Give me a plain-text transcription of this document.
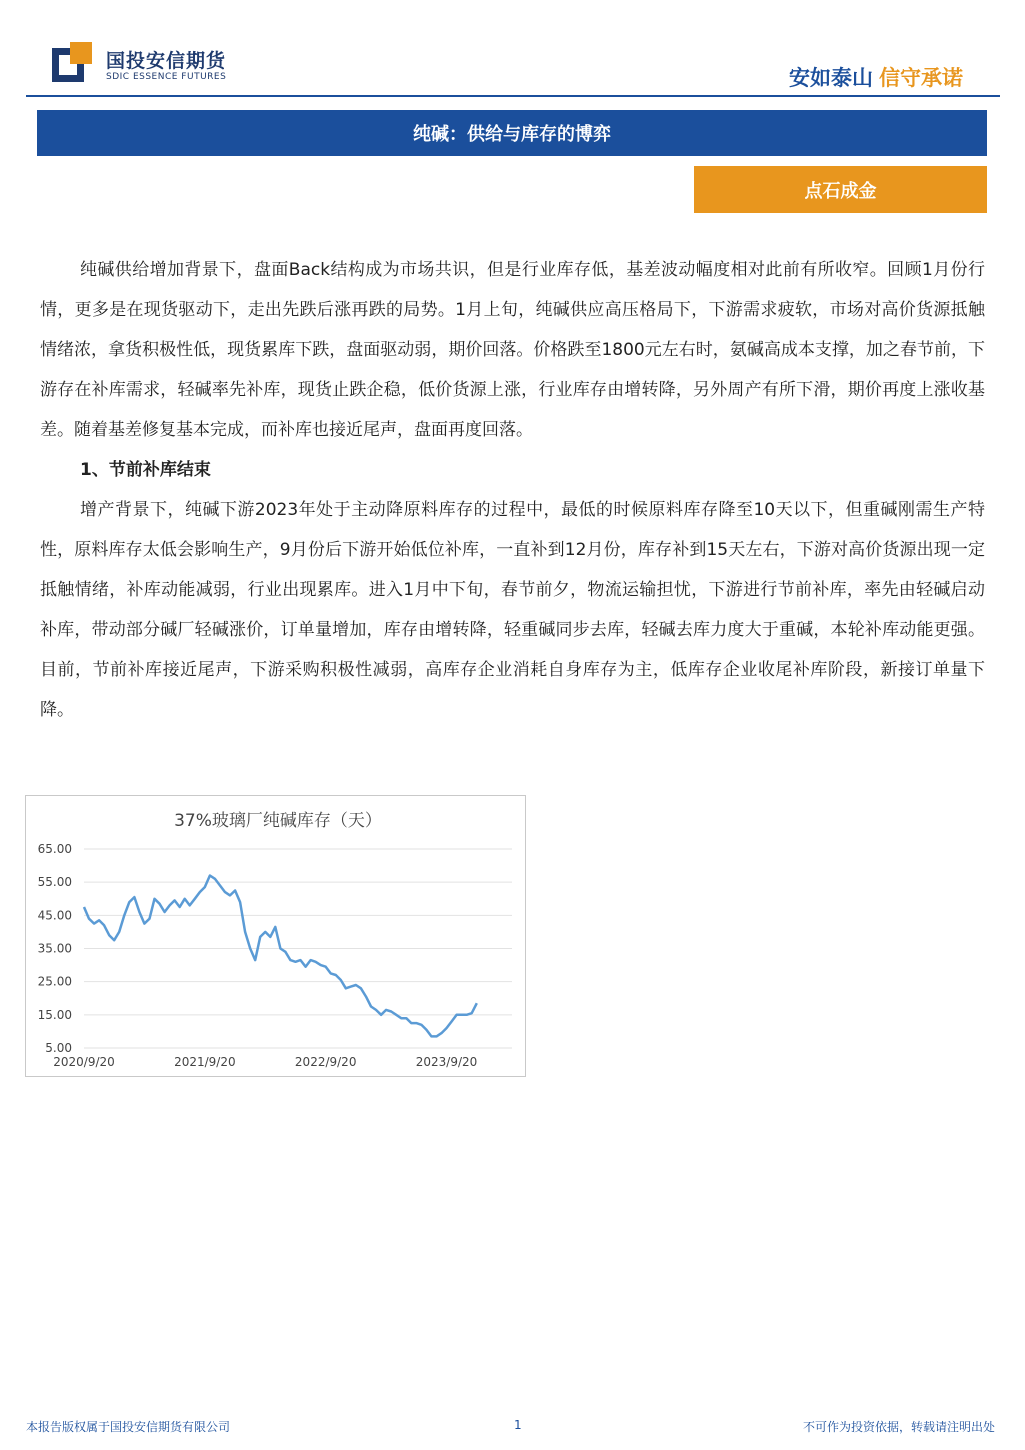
国投安信期货
SDIC ESSENCE FUTURES	安如泰山 信守承诺
纯碱：供给与库存的博弈
点石成金

纯碱供给增加背景下，盘面Back结构成为市场共识，但是行业库存低，基差波动幅度相对此前有所收窄。回顾1月份行情，更多是在现货驱动下，走出先跌后涨再跌的局势。1月上旬，纯碱供应高压格局下，下游需求疲软，市场对高价货源抵触情绪浓，拿货积极性低，现货累库下跌，盘面驱动弱，期价回落。价格跌至1800元左右时，氨碱高成本支撑，加之春节前，下游存在补库需求，轻碱率先补库，现货止跌企稳，低价货源上涨，行业库存由增转降，另外周产有所下滑，期价再度上涨收基差。随着基差修复基本完成，而补库也接近尾声，盘面再度回落。

1、节前补库结束

增产背景下，纯碱下游2023年处于主动降原料库存的过程中，最低的时候原料库存降至10天以下，但重碱刚需生产特性，原料库存太低会影响生产，9月份后下游开始低位补库，一直补到12月份，库存补到15天左右，下游对高价货源出现一定抵触情绪，补库动能减弱，行业出现累库。进入1月中下旬，春节前夕，物流运输担忧，下游进行节前补库，率先由轻碱启动补库，带动部分碱厂轻碱涨价，订单量增加，库存由增转降，轻重碱同步去库，轻碱去库力度大于重碱，本轮补库动能更强。目前，节前补库接近尾声，下游采购积极性减弱，高库存企业消耗自身库存为主，低库存企业收尾补库阶段，新接订单量下降。

37%玻璃厂纯碱库存（天）
65.00
55.00
45.00
35.00
25.00
15.00
5.00
2020/9/20	2021/9/20	2022/9/20	2023/9/20
本报告版权属于国投安信期货有限公司	1	不可作为投资依据，转载请注明出处
